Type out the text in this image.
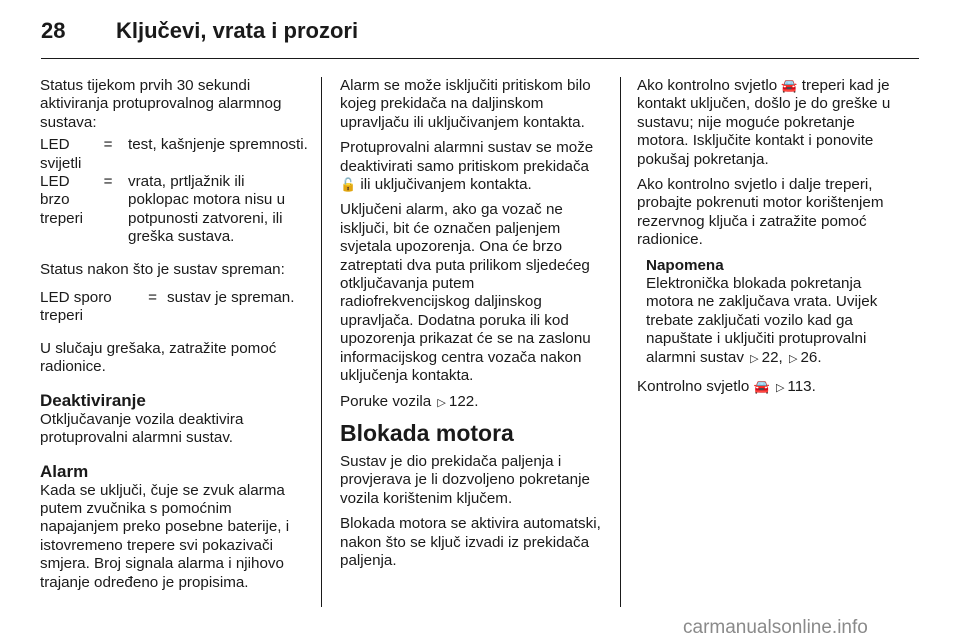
28 Ključevi, vrata i prozori

Status tijekom prvih 30 sekundi aktiviranja protuprovalnog alarmnog sustava:

LED svijetli	=	test, kašnjenje spremnosti.
LED brzo treperi	=	vrata, prtljažnik ili poklopac motora nisu u potpunosti zatvoreni, ili greška sustava.

Status nakon što je sustav spreman:

LED sporo treperi	=	sustav je spreman.

U slučaju grešaka, zatražite pomoć radionice.

Deaktiviranje

Otključavanje vozila deaktivira protuprovalni alarmni sustav.

Alarm

Kada se uključi, čuje se zvuk alarma putem zvučnika s pomoćnim napajanjem preko posebne baterije, i istovremeno trepere svi pokazivači smjera. Broj signala alarma i njihovo trajanje određeno je propisima.

Alarm se može isključiti pritiskom bilo kojeg prekidača na daljinskom upravljaču ili uključivanjem kontakta.

Protuprovalni alarmni sustav se može deaktivirati samo pritiskom prekidača 🔓 ili uključivanjem kontakta.

Uključeni alarm, ako ga vozač ne isključi, bit će označen paljenjem svjetala upozorenja. Ona će brzo zatreptati dva puta prilikom sljedećeg otključavanja putem radiofrekvencijskog daljinskog upravljača. Dodatna poruka ili kod upozorenja prikazat će se na zaslonu informacijskog centra vozača nakon uključenja kontakta.

Poruke vozila ▷ 122.

Blokada motora

Sustav je dio prekidača paljenja i provjerava je li dozvoljeno pokretanje vozila korištenim ključem.

Blokada motora se aktivira automatski, nakon što se ključ izvadi iz prekidača paljenja.

Ako kontrolno svjetlo 🚘 treperi kad je kontakt uključen, došlo je do greške u sustavu; nije moguće pokretanje motora. Isključite kontakt i ponovite pokušaj pokretanja.

Ako kontrolno svjetlo i dalje treperi, probajte pokrenuti motor korištenjem rezervnog ključa i zatražite pomoć radionice.

Napomena
Elektronička blokada pokretanja motora ne zaključava vrata. Uvijek trebate zaključati vozilo kad ga napuštate i uključiti protuprovalni alarmni sustav ▷ 22, ▷ 26.

Kontrolno svjetlo 🚘 ▷ 113.

carmanualsonline.info
